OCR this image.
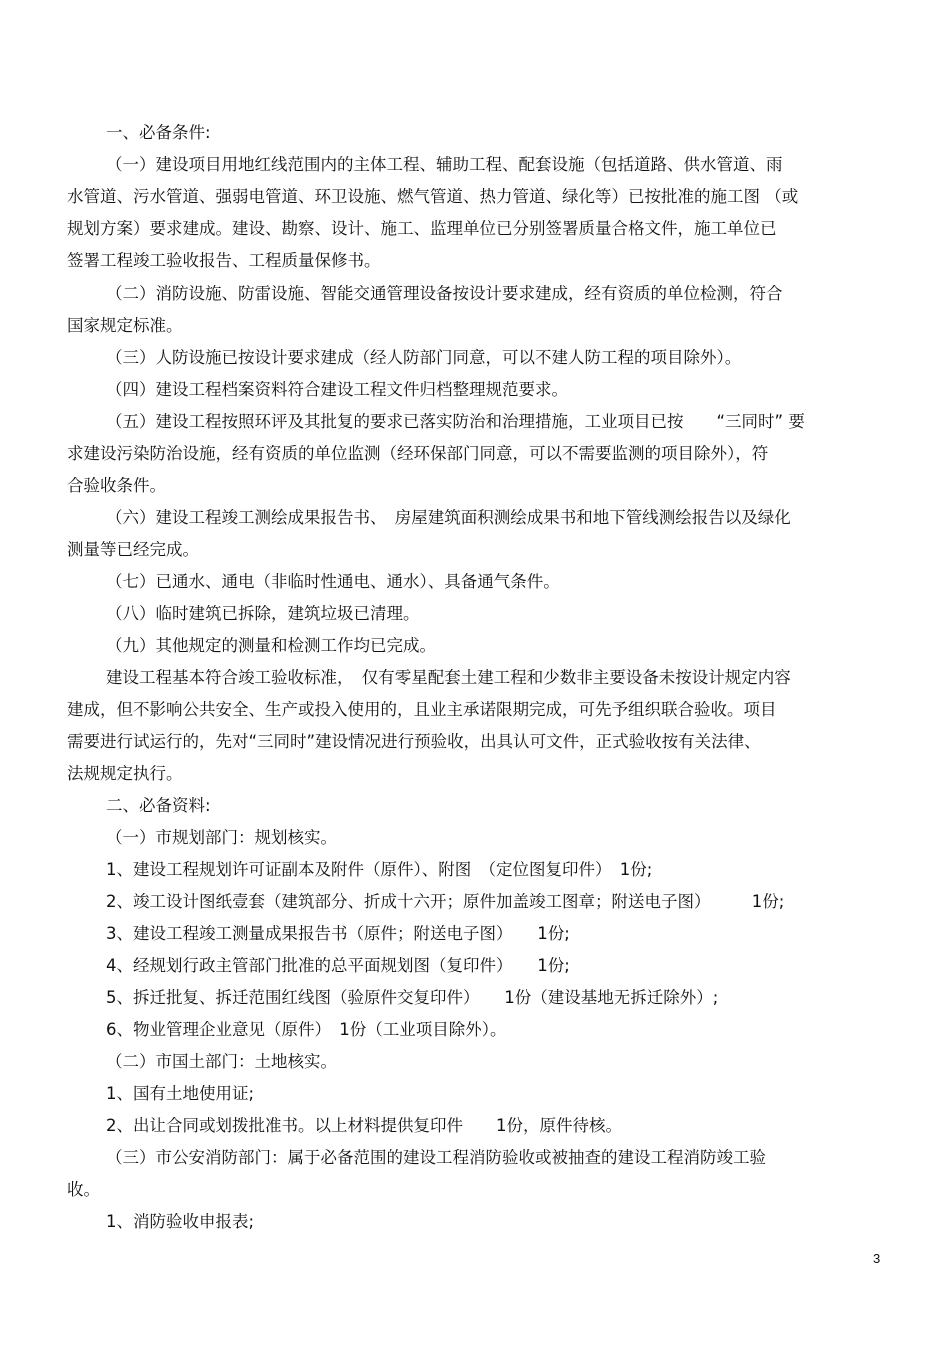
一、必备条件:

（一）建设项目用地红线范围内的主体工程、辅助工程、配套设施（包括道路、供水管道、雨

水管道、污水管道、强弱电管道、环卫设施、燃气管道、热力管道、绿化等）已按批准的施工图 （或

规划方案）要求建成。建设、勘察、设计、施工、监理单位已分别签署质量合格文件，施工单位已

签署工程竣工验收报告、工程质量保修书。

（二）消防设施、防雷设施、智能交通管理设备按设计要求建成，经有资质的单位检测，符合

国家规定标准。

（三）人防设施已按设计要求建成（经人防部门同意，可以不建人防工程的项目除外）。

（四）建设工程档案资料符合建设工程文件归档整理规范要求。

（五）建设工程按照环评及其批复的要求已落实防治和治理措施，工业项目已按　　“三同时” 要

求建设污染防治设施，经有资质的单位监测（经环保部门同意，可以不需要监测的项目除外），符

合验收条件。

（六）建设工程竣工测绘成果报告书、　房屋建筑面积测绘成果书和地下管线测绘报告以及绿化

测量等已经完成。

（七）已通水、通电（非临时性通电、通水）、具备通气条件。

（八）临时建筑已拆除，建筑垃圾已清理。

（九）其他规定的测量和检测工作均已完成。

建设工程基本符合竣工验收标准，　仅有零星配套土建工程和少数非主要设备未按设计规定内容

建成，但不影响公共安全、生产或投入使用的，且业主承诺限期完成，可先予组织联合验收。项目

需要进行试运行的，先对“三同时”建设情况进行预验收，出具认可文件，正式验收按有关法律、

法规规定执行。

二、必备资料:

（一）市规划部门：规划核实。

1、建设工程规划许可证副本及附件（原件）、附图　（定位图复印件）　1份;

2、竣工设计图纸壹套（建筑部分、折成十六开；原件加盖竣工图章；附送电子图）　　　1份;

3、建设工程竣工测量成果报告书（原件；附送电子图）　　1份;

4、经规划行政主管部门批准的总平面规划图（复印件）　　1份;

5、拆迁批复、拆迁范围红线图（验原件交复印件）　　1份（建设基地无拆迁除外）;

6、物业管理企业意见（原件）　1份（工业项目除外）。

（二）市国土部门：土地核实。

1、国有土地使用证;

2、出让合同或划拨批准书。以上材料提供复印件　　1份，原件待核。

（三）市公安消防部门：属于必备范围的建设工程消防验收或被抽查的建设工程消防竣工验

收。

1、消防验收申报表;

3
